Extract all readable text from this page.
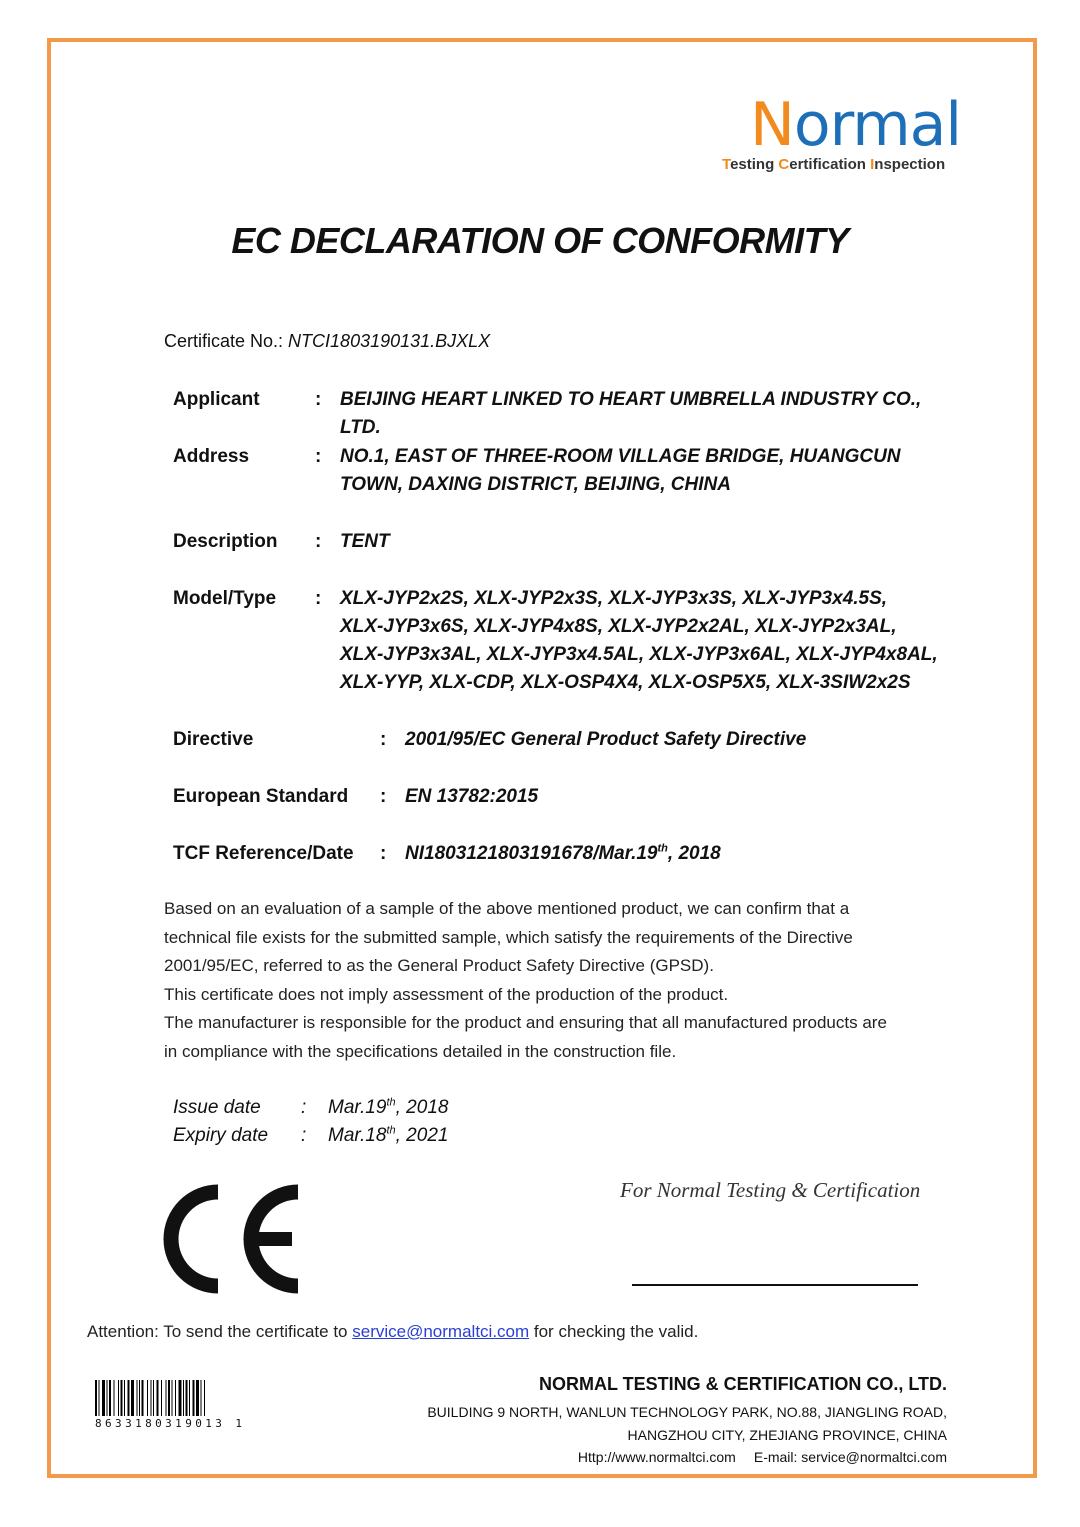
Normal
Testing Certification Inspection
EC DECLARATION OF CONFORMITY
Certificate No.: NTCI1803190131.BJXLX
Applicant	: BEIJING HEART LINKED TO HEART UMBRELLA INDUSTRY CO.,
LTD.
Address	: NO.1, EAST OF THREE-ROOM VILLAGE BRIDGE, HUANGCUN
TOWN, DAXING DISTRICT, BEIJING, CHINA
Description : TENT
Model/Type : XLX-JYP2x2S, XLX-JYP2x3S, XLX-JYP3x3S, XLX-JYP3x4.5S,
XLX-JYP3x6S, XLX-JYP4x8S, XLX-JYP2x2AL, XLX-JYP2x3AL,
XLX-JYP3x3AL, XLX-JYP3x4.5AL, XLX-JYP3x6AL, XLX-JYP4x8AL,
XLX-YYP, XLX-CDP, XLX-OSP4X4, XLX-OSP5X5, XLX-3SIW2x2S
Directive	: 2001/95/EC General Product Safety Directive
European Standard : EN 13782:2015
TCF Reference/Date : NI1803121803191678/Mar.19th, 2018

Based on an evaluation of a sample of the above mentioned product, we can confirm that a

technical file exists for the submitted sample, which satisfy the requirements of the Directive

2001/95/EC, referred to as the General Product Safety Directive (GPSD).

This certificate does not imply assessment of the production of the product.

The manufacturer is responsible for the product and ensuring that all manufactured products are

in compliance with the specifications detailed in the construction file.

Issue date : Mar.19th, 2018
Expiry date : Mar.18th, 2021
For Normal Testing & Certification
Attention: To send the certificate to service@normaltci.com for checking the valid.
8633180319013 1
NORMAL TESTING & CERTIFICATION CO., LTD.
BUILDING 9 NORTH, WANLUN TECHNOLOGY PARK, NO.88, JIANGLING ROAD,
HANGZHOU CITY, ZHEJIANG PROVINCE, CHINA
Http://www.normaltci.com E-mail: service@normaltci.com
